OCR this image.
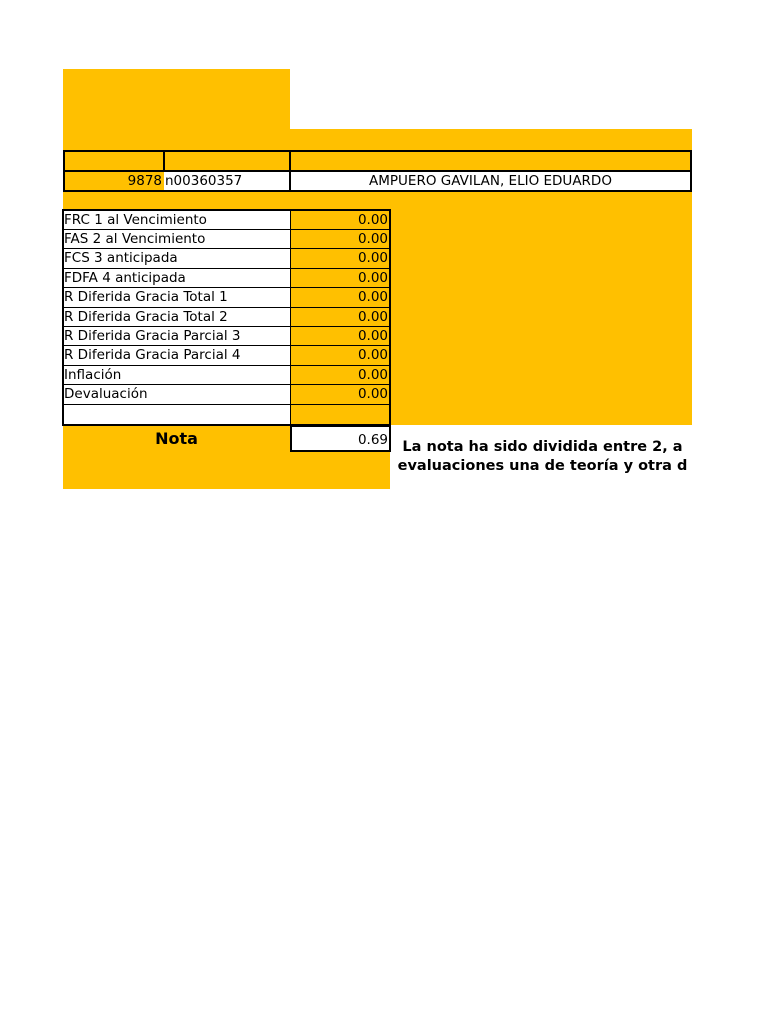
9878 n00360357	AMPUERO GAVILAN, ELIO EDUARDO
FRC 1 al Vencimiento	0.00
FAS 2 al Vencimiento	0.00
FCS 3 anticipada	0.00
FDFA 4 anticipada	0.00
R Diferida Gracia Total 1	0.00
R Diferida Gracia Total 2	0.00
R Diferida Gracia Parcial 3	0.00
R Diferida Gracia Parcial 4	0.00
Inflación	0.00
Devaluación	0.00
Nota	0.69 La nota ha sido dividida entre 2, a
evaluaciones una de teoría y otra d
